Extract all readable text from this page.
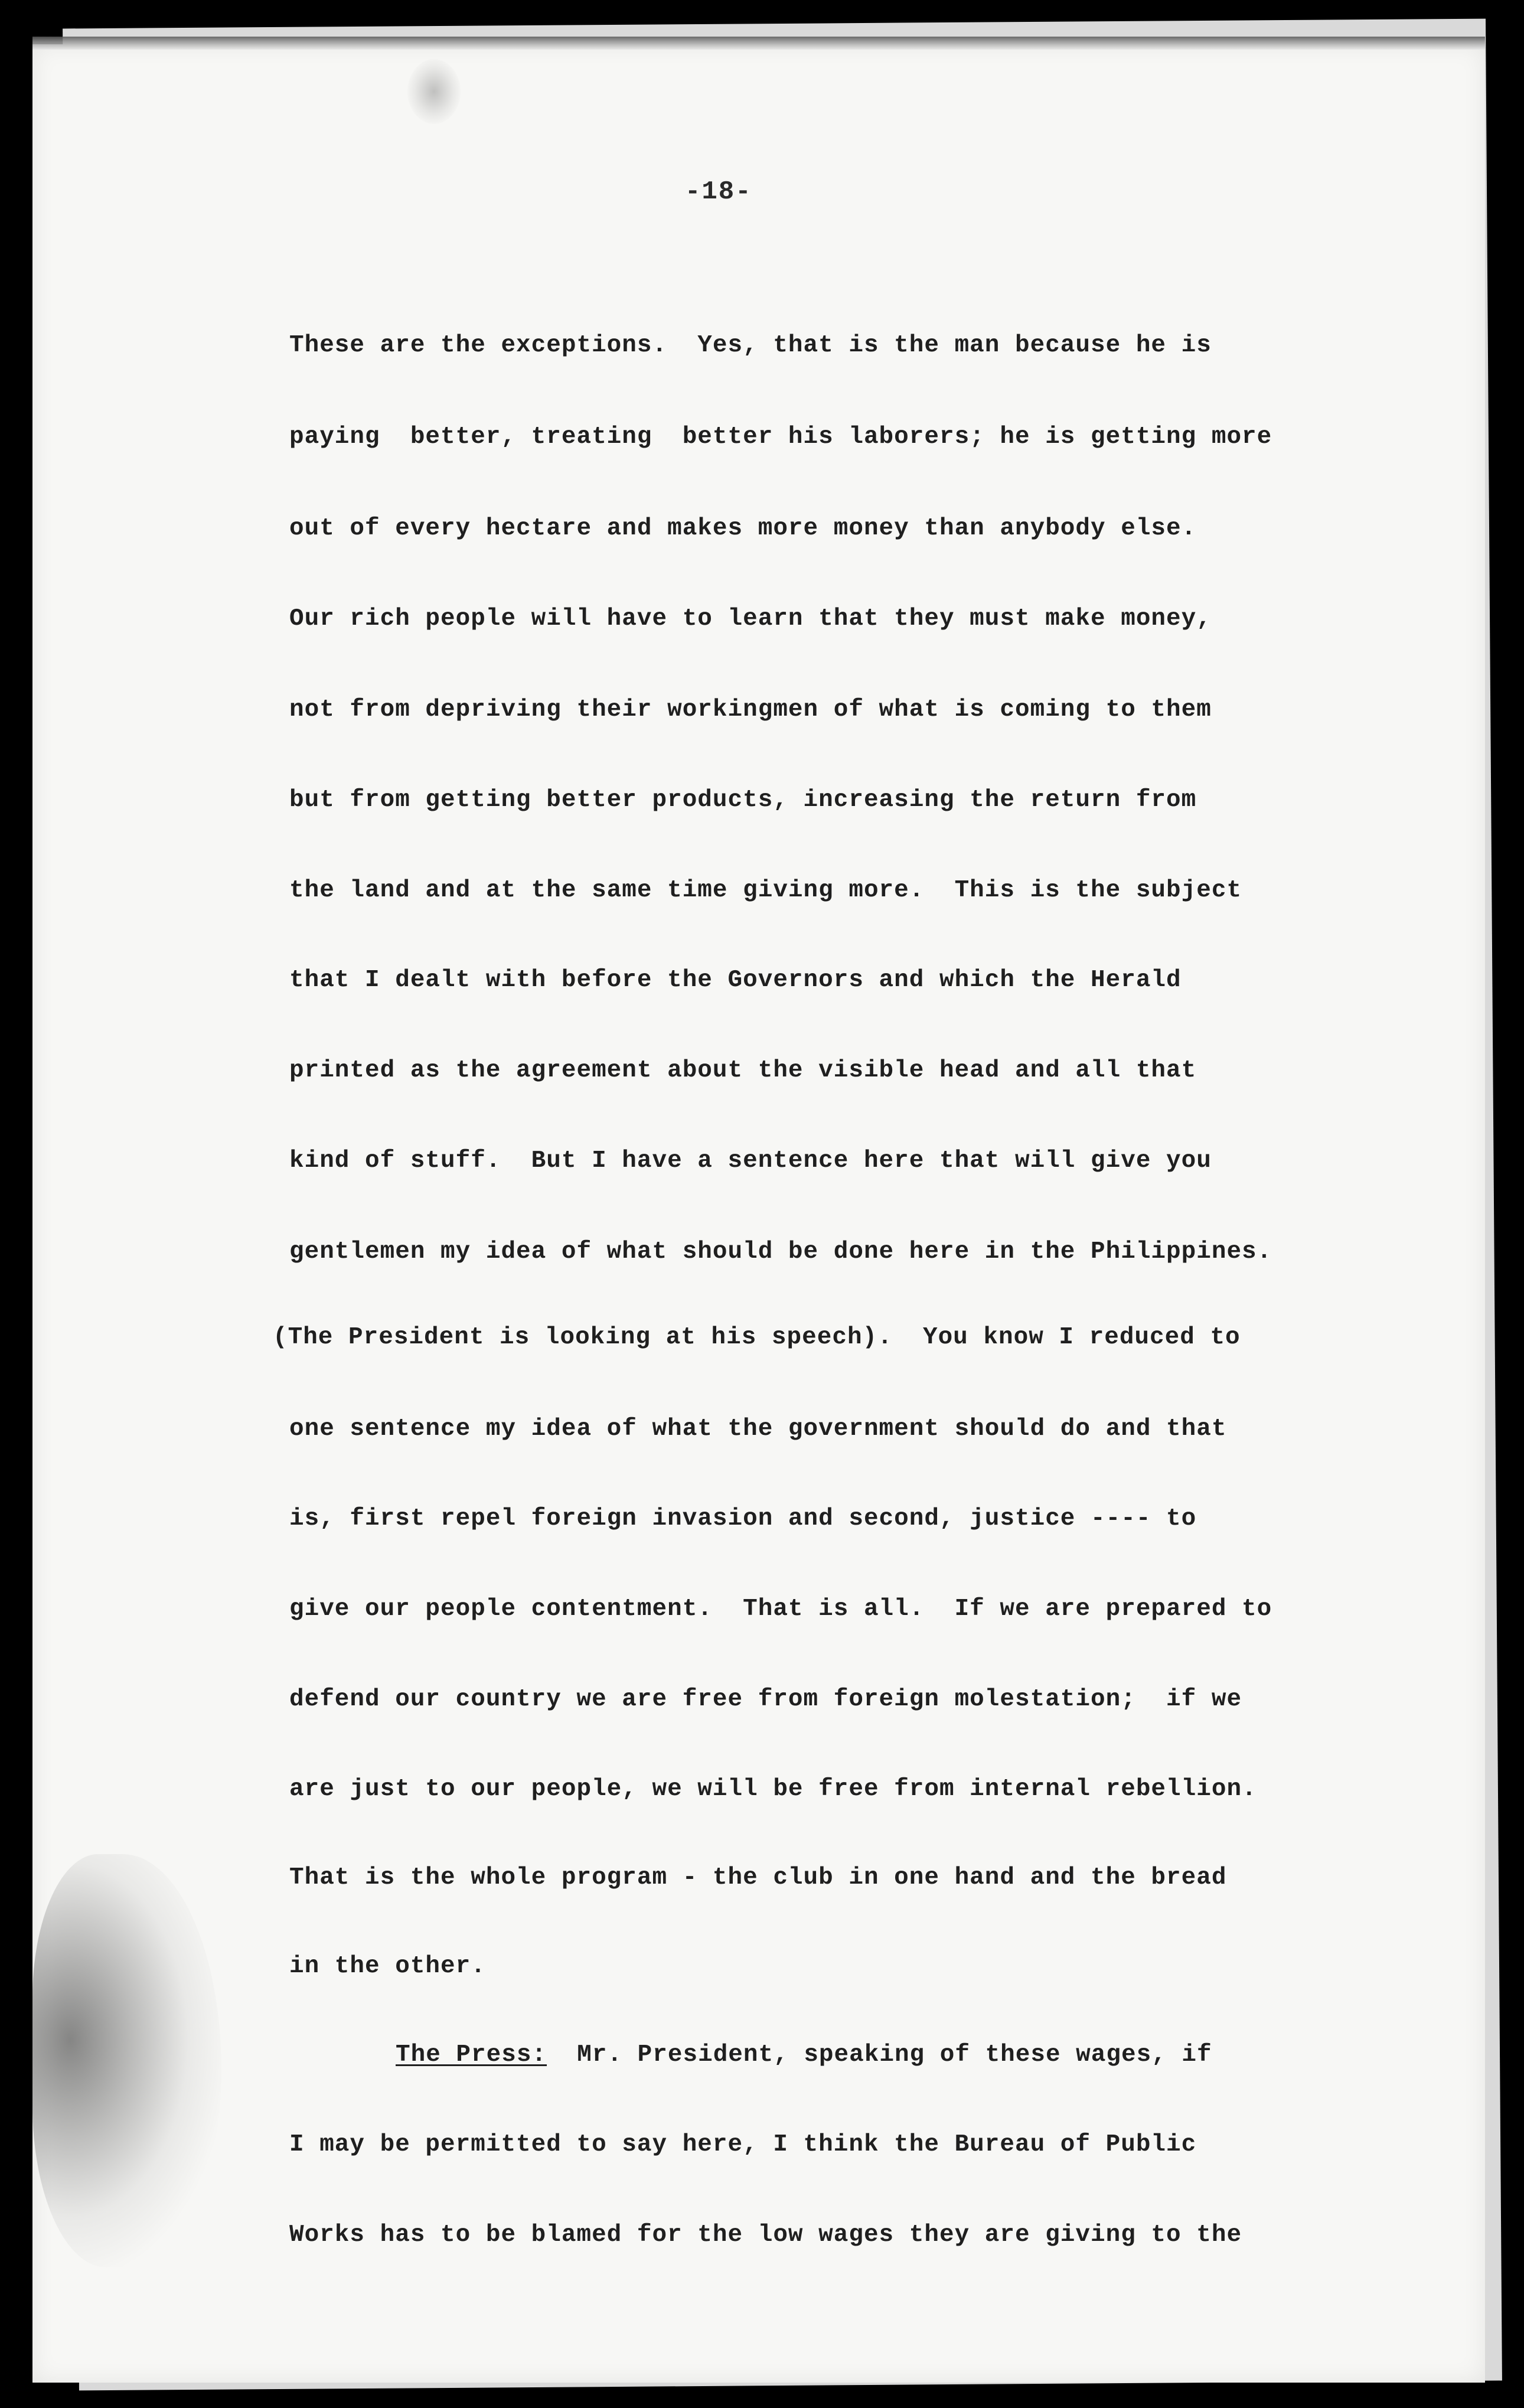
-18-
These are the exceptions.  Yes, that is the man because he is
paying  better, treating  better his laborers; he is getting more
out of every hectare and makes more money than anybody else.
Our rich people will have to learn that they must make money,
not from depriving their workingmen of what is coming to them
but from getting better products, increasing the return from
the land and at the same time giving more.  This is the subject
that I dealt with before the Governors and which the Herald
printed as the agreement about the visible head and all that
kind of stuff.  But I have a sentence here that will give you
gentlemen my idea of what should be done here in the Philippines.
(The President is looking at his speech).  You know I reduced to
one sentence my idea of what the government should do and that
is, first repel foreign invasion and second, justice ---- to
give our people contentment.  That is all.  If we are prepared to
defend our country we are free from foreign molestation;  if we
are just to our people, we will be free from internal rebellion.
That is the whole program - the club in one hand and the bread
in the other.
The Press:  Mr. President, speaking of these wages, if
I may be permitted to say here, I think the Bureau of Public
Works has to be blamed for the low wages they are giving to the
